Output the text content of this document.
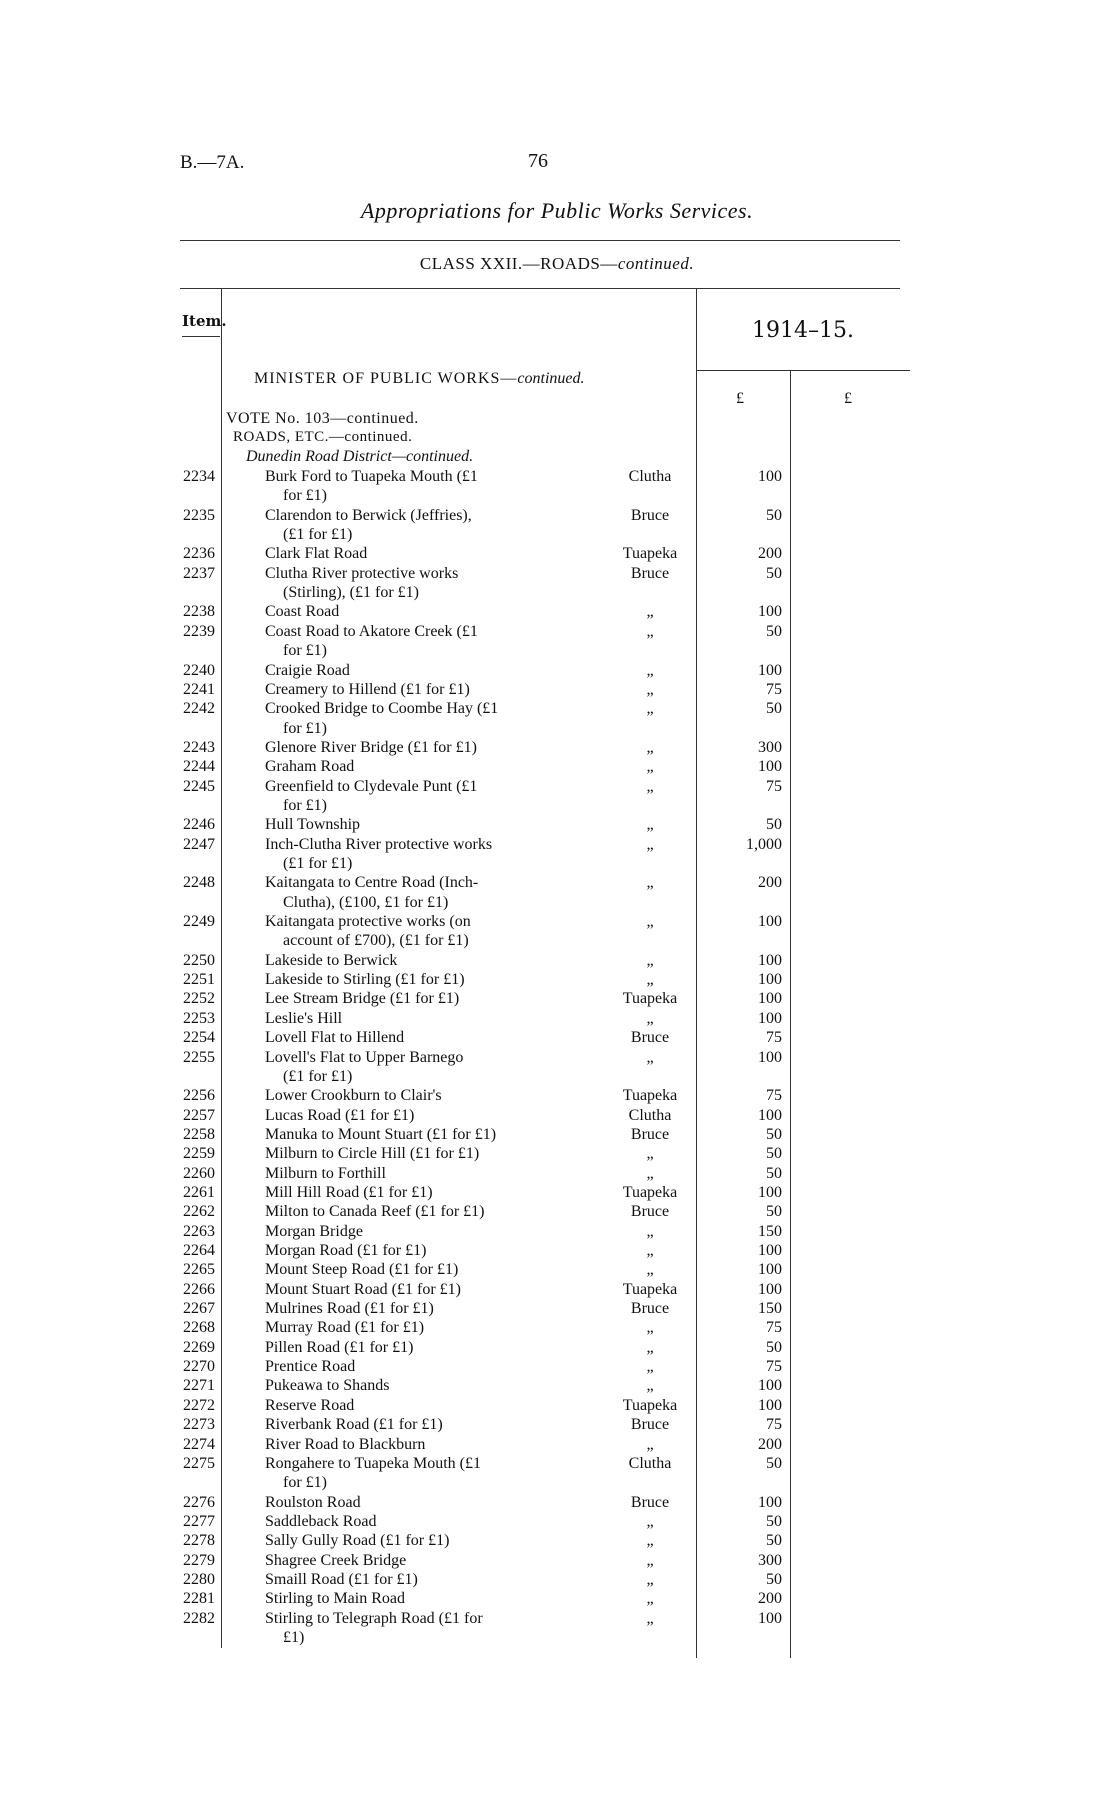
B.—7A.	76
Appropriations for Public Works Services.
CLASS XXII.—ROADS—continued.
Item.	1914–15.
£	£
MINISTER OF PUBLIC WORKS—continued.
VOTE No. 103—continued.
ROADS, ETC.—continued.
Dunedin Road District—continued.
2234	Burk Ford to Tuapeka Mouth (£1	Clutha	100
for £1)
2235	Clarendon to Berwick (Jeffries),	Bruce	50
(£1 for £1)
2236	Clark Flat Road	Tuapeka	200
2237	Clutha River protective works	Bruce	50
(Stirling), (£1 for £1)
2238	Coast Road	„	100
2239	Coast Road to Akatore Creek (£1	„	50
for £1)
2240	Craigie Road	„	100
2241	Creamery to Hillend (£1 for £1)	„	75
2242	Crooked Bridge to Coombe Hay (£1	„	50
for £1)
2243	Glenore River Bridge (£1 for £1)	„	300
2244	Graham Road	„	100
2245	Greenfield to Clydevale Punt (£1	„	75
for £1)
2246	Hull Township	„	50
2247	Inch-Clutha River protective works	„	1,000
(£1 for £1)
2248	Kaitangata to Centre Road (Inch-	„	200
Clutha), (£100, £1 for £1)
2249	Kaitangata protective works (on	„	100
account of £700), (£1 for £1)
2250	Lakeside to Berwick	„	100
2251	Lakeside to Stirling (£1 for £1)	„	100
2252	Lee Stream Bridge (£1 for £1)	Tuapeka	100
2253	Leslie's Hill	„	100
2254	Lovell Flat to Hillend	Bruce	75
2255	Lovell's Flat to Upper Barnego	„	100
(£1 for £1)
2256	Lower Crookburn to Clair's	Tuapeka	75
2257	Lucas Road (£1 for £1)	Clutha	100
2258	Manuka to Mount Stuart (£1 for £1)	Bruce	50
2259	Milburn to Circle Hill (£1 for £1)	„	50
2260	Milburn to Forthill	„	50
2261	Mill Hill Road (£1 for £1)	Tuapeka	100
2262	Milton to Canada Reef (£1 for £1)	Bruce	50
2263	Morgan Bridge	„	150
2264	Morgan Road (£1 for £1)	„	100
2265	Mount Steep Road (£1 for £1)	„	100
2266	Mount Stuart Road (£1 for £1)	Tuapeka	100
2267	Mulrines Road (£1 for £1)	Bruce	150
2268	Murray Road (£1 for £1)	„	75
2269	Pillen Road (£1 for £1)	„	50
2270	Prentice Road	„	75
2271	Pukeawa to Shands	„	100
2272	Reserve Road	Tuapeka	100
2273	Riverbank Road (£1 for £1)	Bruce	75
2274	River Road to Blackburn	„	200
2275	Rongahere to Tuapeka Mouth (£1	Clutha	50
for £1)
2276	Roulston Road	Bruce	100
2277	Saddleback Road	„	50
2278	Sally Gully Road (£1 for £1)	„	50
2279	Shagree Creek Bridge	„	300
2280	Smaill Road (£1 for £1)	„	50
2281	Stirling to Main Road	„	200
2282	Stirling to Telegraph Road (£1 for	„	100
£1)
